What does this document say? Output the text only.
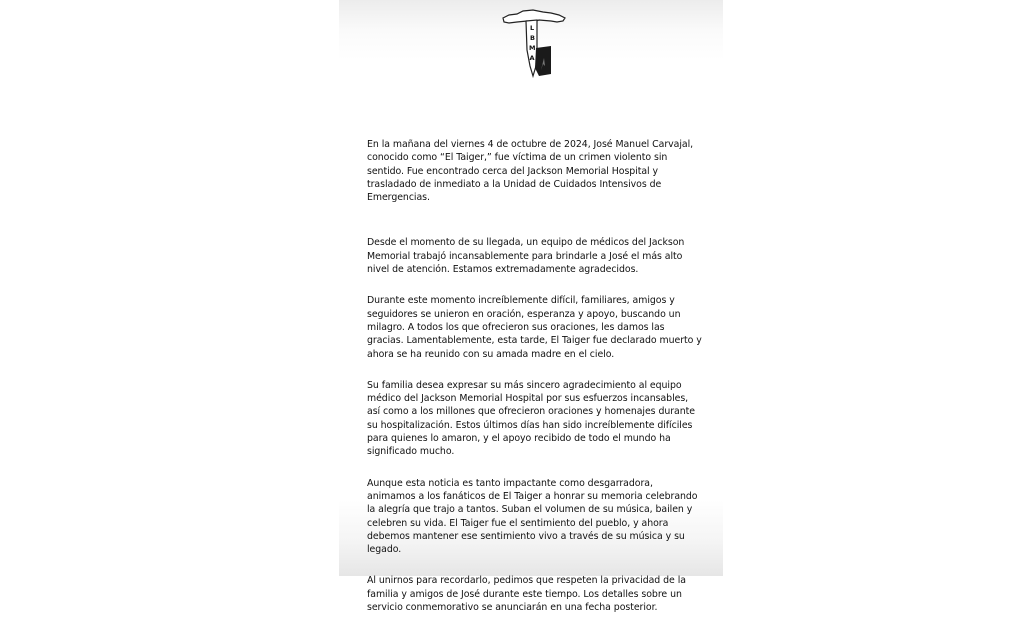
L
B
M
A

En la mañana del viernes 4 de octubre de 2024, José Manuel Carvajal, conocido como “El Taiger,” fue víctima de un crimen violento sin sentido. Fue encontrado cerca del Jackson Memorial Hospital y trasladado de inmediato a la Unidad de Cuidados Intensivos de Emergencias.

Desde el momento de su llegada, un equipo de médicos del Jackson Memorial trabajó incansablemente para brindarle a José el más alto nivel de atención. Estamos extremadamente agradecidos.

Durante este momento increíblemente difícil, familiares, amigos y seguidores se unieron en oración, esperanza y apoyo, buscando un milagro. A todos los que ofrecieron sus oraciones, les damos las gracias. Lamentablemente, esta tarde, El Taiger fue declarado muerto y ahora se ha reunido con su amada madre en el cielo.

Su familia desea expresar su más sincero agradecimiento al equipo médico del Jackson Memorial Hospital por sus esfuerzos incansables, así como a los millones que ofrecieron oraciones y homenajes durante su hospitalización. Estos últimos días han sido increíblemente difíciles para quienes lo amaron, y el apoyo recibido de todo el mundo ha significado mucho.

Aunque esta noticia es tanto impactante como desgarradora, animamos a los fanáticos de El Taiger a honrar su memoria celebrando la alegría que trajo a tantos. Suban el volumen de su música, bailen y celebren su vida. El Taiger fue el sentimiento del pueblo, y ahora debemos mantener ese sentimiento vivo a través de su música y su legado.

Al unirnos para recordarlo, pedimos que respeten la privacidad de la familia y amigos de José durante este tiempo. Los detalles sobre un servicio conmemorativo se anunciarán en una fecha posterior.
